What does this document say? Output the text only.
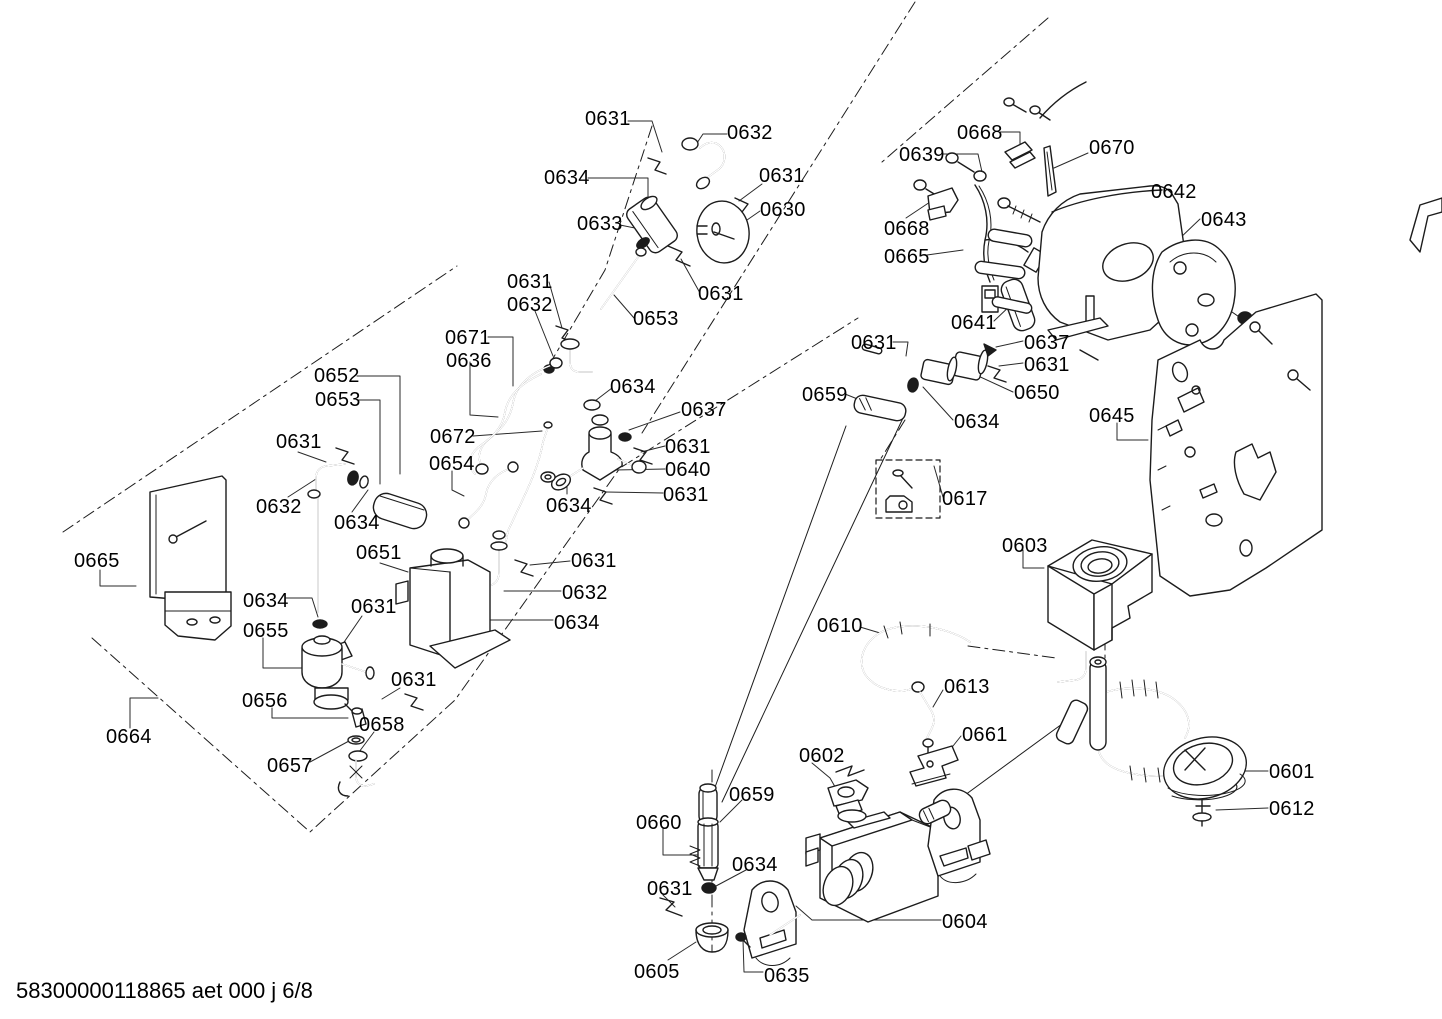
0631
0632
0634	0631
0630
0633
0631
0653
0631
0632
0671
0636
0652
0653
0634
0637
0672	0631
0640
0631
0654
0631
0632
0634
0634
0665	0651
0634	0631
0655
0631
0632
0634
0631
0656
0658
0664
0657
0668
0639	0670
0642
0643
0668
0665
0641
0631	0637
0631
0650
0659
0634	0645
0617
0603
0610
0613
0661
0602
0659
0660
0634
0631
0605	0635
0604
0601
0612
58300000118865 aet 000 j 6/8
